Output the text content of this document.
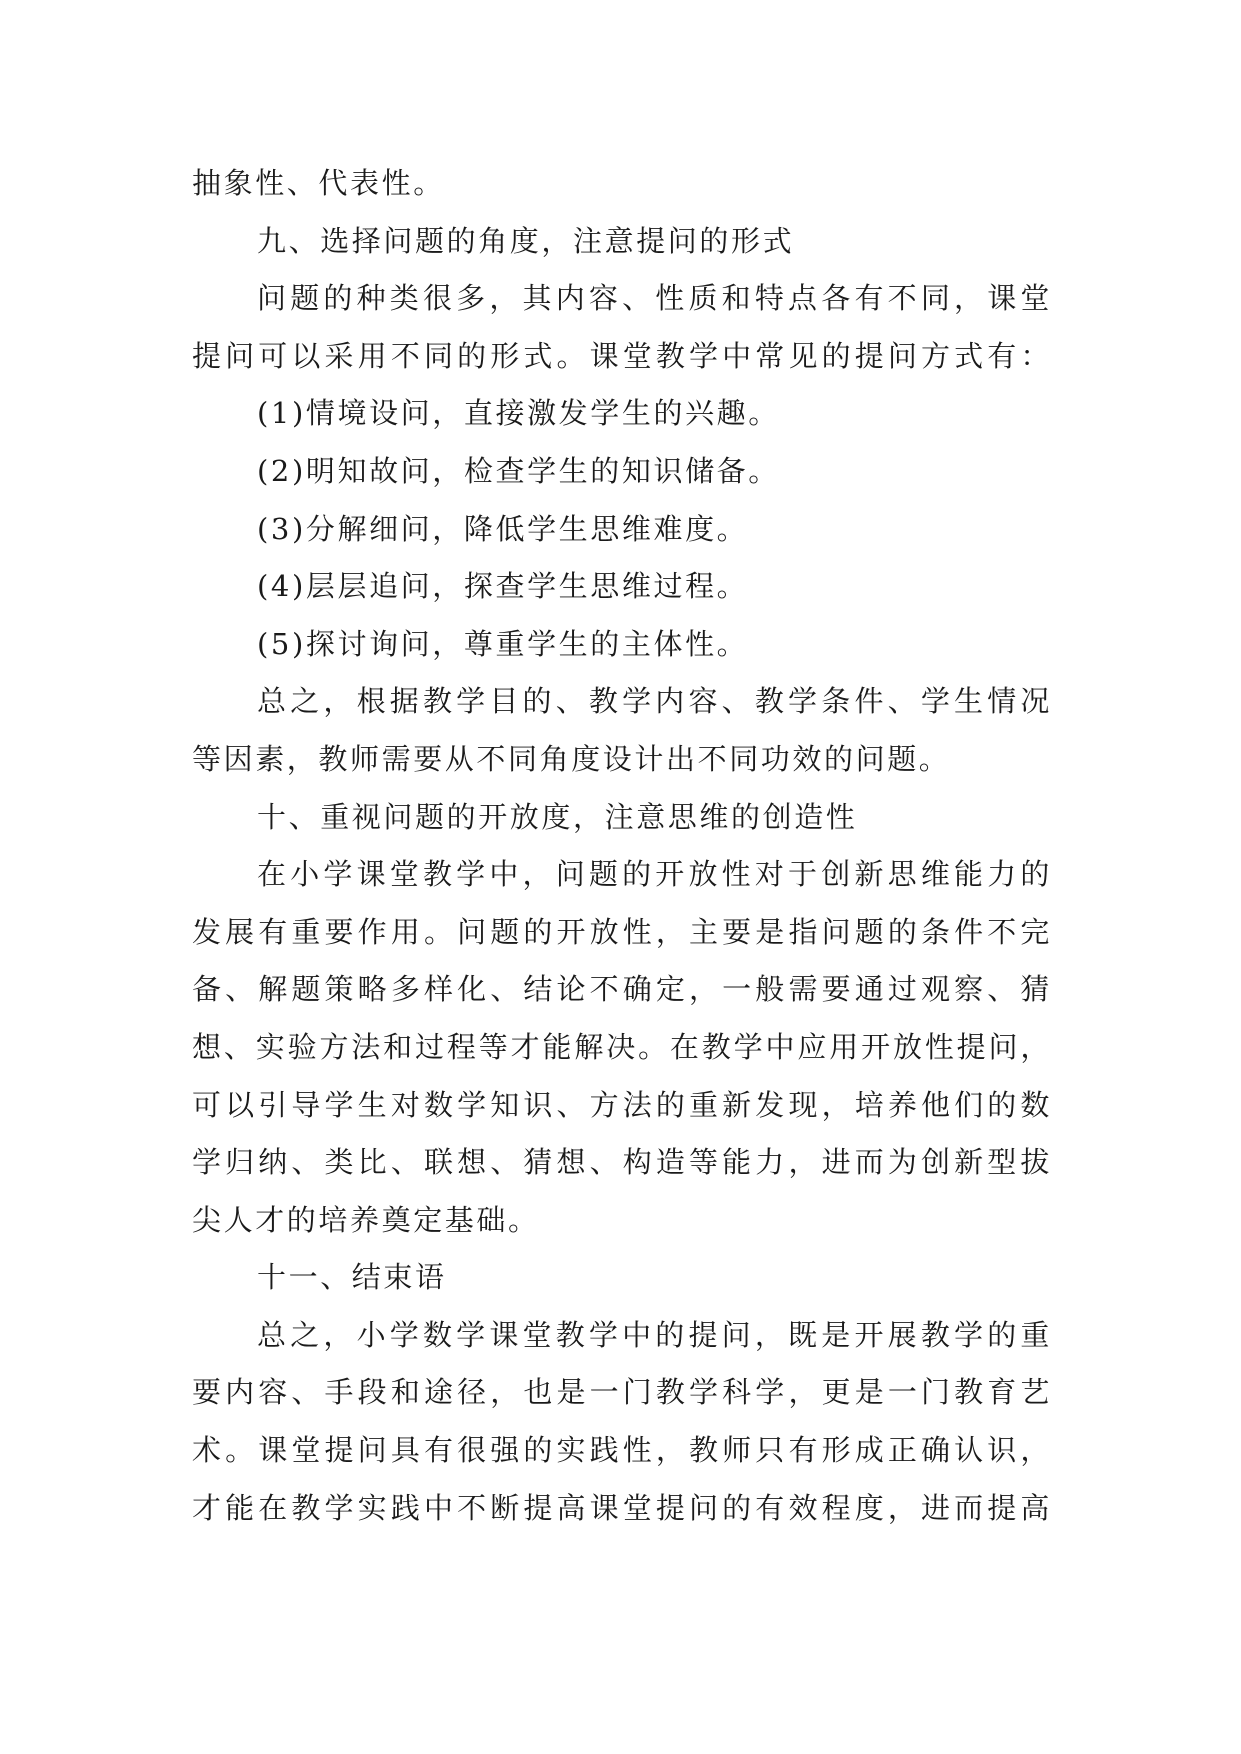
抽象性、代表性。
九、选择问题的角度，注意提问的形式
问题的种类很多，其内容、性质和特点各有不同，课堂
提问可以采用不同的形式。课堂教学中常见的提问方式有：
(1)情境设问，直接激发学生的兴趣。
(2)明知故问，检查学生的知识储备。
(3)分解细问，降低学生思维难度。
(4)层层追问，探查学生思维过程。
(5)探讨询问，尊重学生的主体性。
总之，根据教学目的、教学内容、教学条件、学生情况
等因素，教师需要从不同角度设计出不同功效的问题。
十、重视问题的开放度，注意思维的创造性
在小学课堂教学中，问题的开放性对于创新思维能力的
发展有重要作用。问题的开放性，主要是指问题的条件不完
备、解题策略多样化、结论不确定，一般需要通过观察、猜
想、实验方法和过程等才能解决。在教学中应用开放性提问，
可以引导学生对数学知识、方法的重新发现，培养他们的数
学归纳、类比、联想、猜想、构造等能力，进而为创新型拔
尖人才的培养奠定基础。
十一、结束语
总之，小学数学课堂教学中的提问，既是开展教学的重
要内容、手段和途径，也是一门教学科学，更是一门教育艺
术。课堂提问具有很强的实践性，教师只有形成正确认识，
才能在教学实践中不断提高课堂提问的有效程度，进而提高
